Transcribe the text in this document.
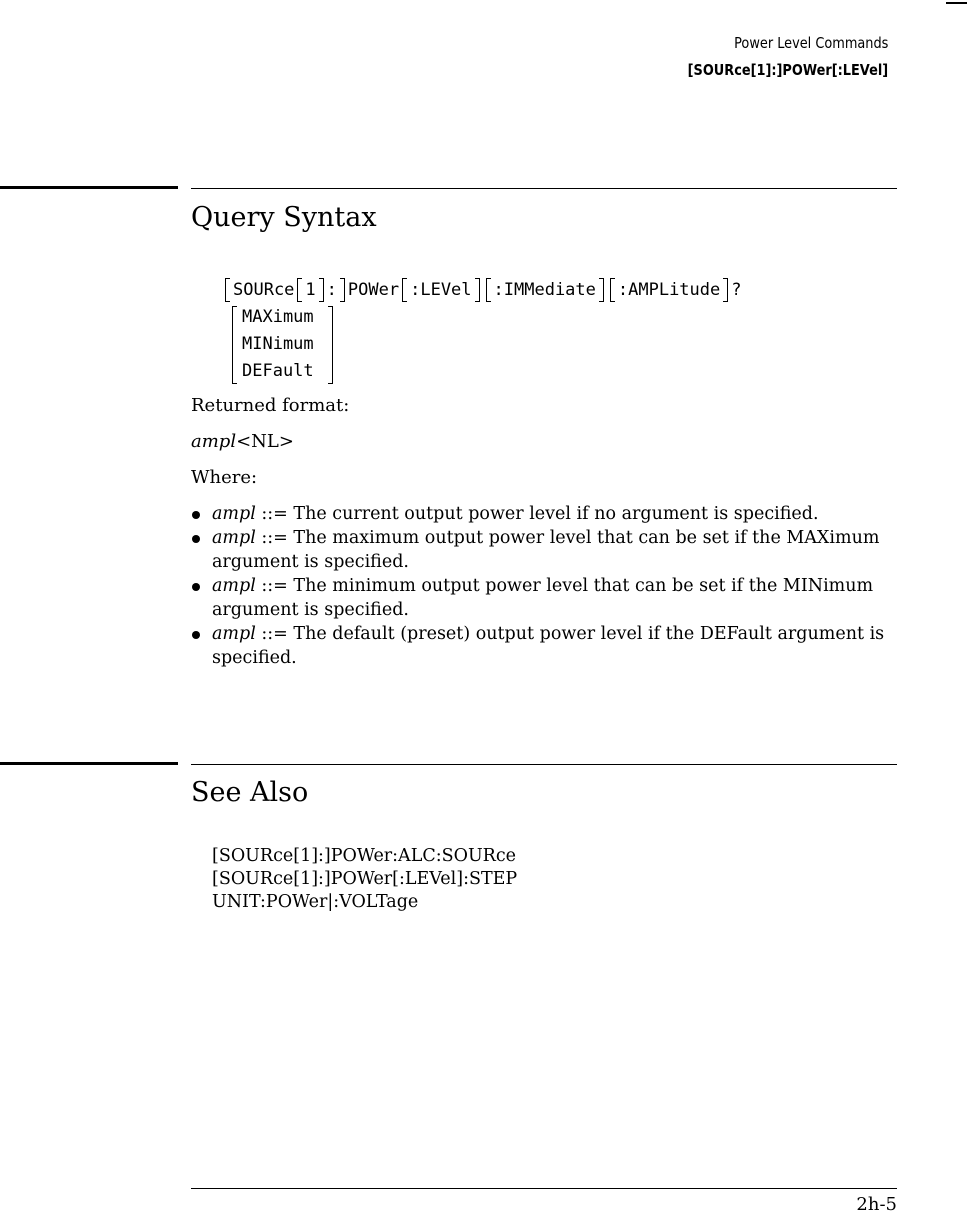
Power Level Commands
[SOURce[1]:]POWer[:LEVel]
Query Syntax
SOURce 1 : POWer :LEVel :IMMediate :AMPLitude ?
MAXimum
MINimum
DEFault
Returned format:
ampl<NL>
Where:
ampl ::= The current output power level if no argument is specified.
ampl ::= The maximum output power level that can be set if the MAXimum argument is specified.
ampl ::= The minimum output power level that can be set if the MINimum argument is specified.
ampl ::= The default (preset) output power level if the DEFault argument is specified.
See Also
[SOURce[1]:]POWer:ALC:SOURce
[SOURce[1]:]POWer[:LEVel]:STEP
UNIT:POWer|:VOLTage
2h-5
